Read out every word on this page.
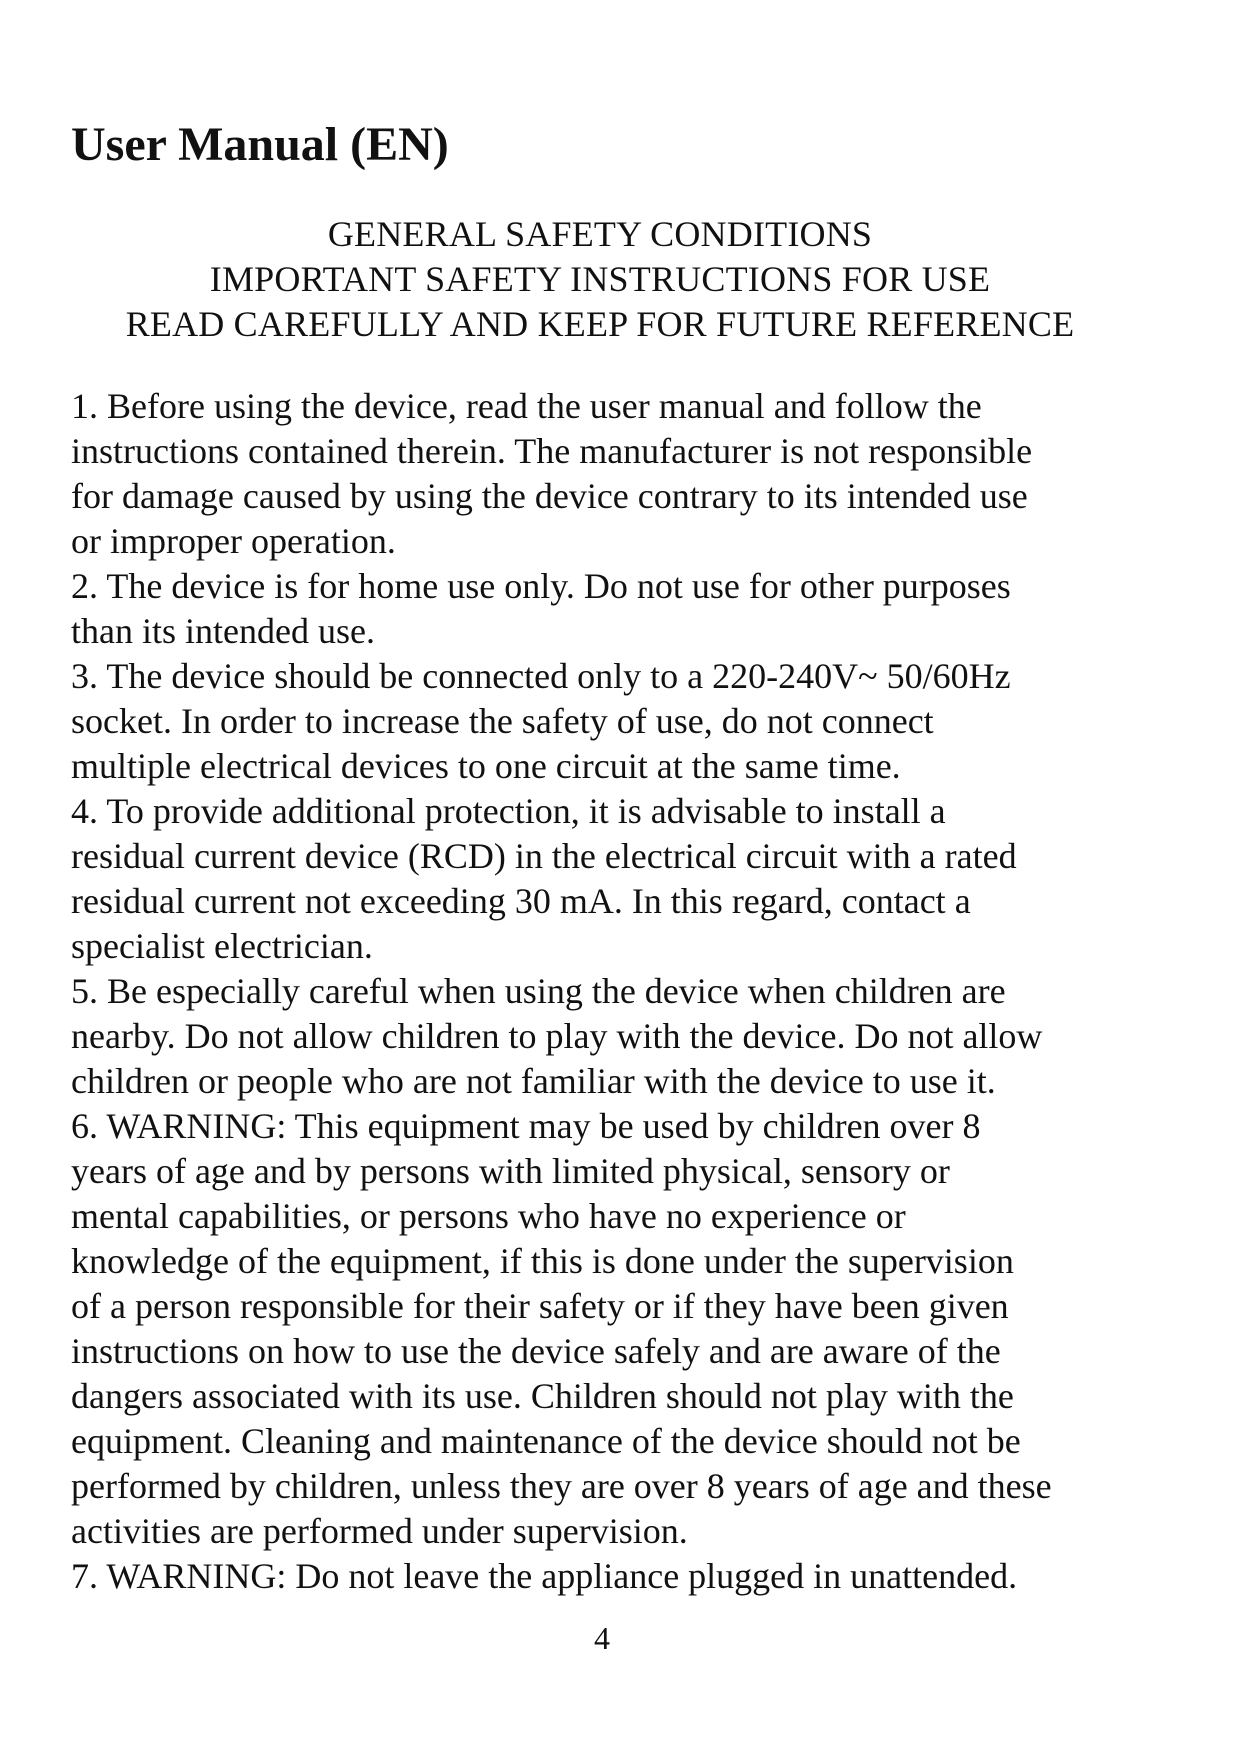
User Manual (EN)
GENERAL SAFETY CONDITIONS
IMPORTANT SAFETY INSTRUCTIONS FOR USE
READ CAREFULLY AND KEEP FOR FUTURE REFERENCE
1. Before using the device, read the user manual and follow the
instructions contained therein. The manufacturer is not responsible
for damage caused by using the device contrary to its intended use
or improper operation.
2. The device is for home use only. Do not use for other purposes
than its intended use.
3. The device should be connected only to a 220-240V~ 50/60Hz
socket. In order to increase the safety of use, do not connect
multiple electrical devices to one circuit at the same time.
4. To provide additional protection, it is advisable to install a
residual current device (RCD) in the electrical circuit with a rated
residual current not exceeding 30 mA. In this regard, contact a
specialist electrician.
5. Be especially careful when using the device when children are
nearby. Do not allow children to play with the device. Do not allow
children or people who are not familiar with the device to use it.
6. WARNING: This equipment may be used by children over 8
years of age and by persons with limited physical, sensory or
mental capabilities, or persons who have no experience or
knowledge of the equipment, if this is done under the supervision
of a person responsible for their safety or if they have been given
instructions on how to use the device safely and are aware of the
dangers associated with its use. Children should not play with the
equipment. Cleaning and maintenance of the device should not be
performed by children, unless they are over 8 years of age and these
activities are performed under supervision.
7. WARNING: Do not leave the appliance plugged in unattended.
4
